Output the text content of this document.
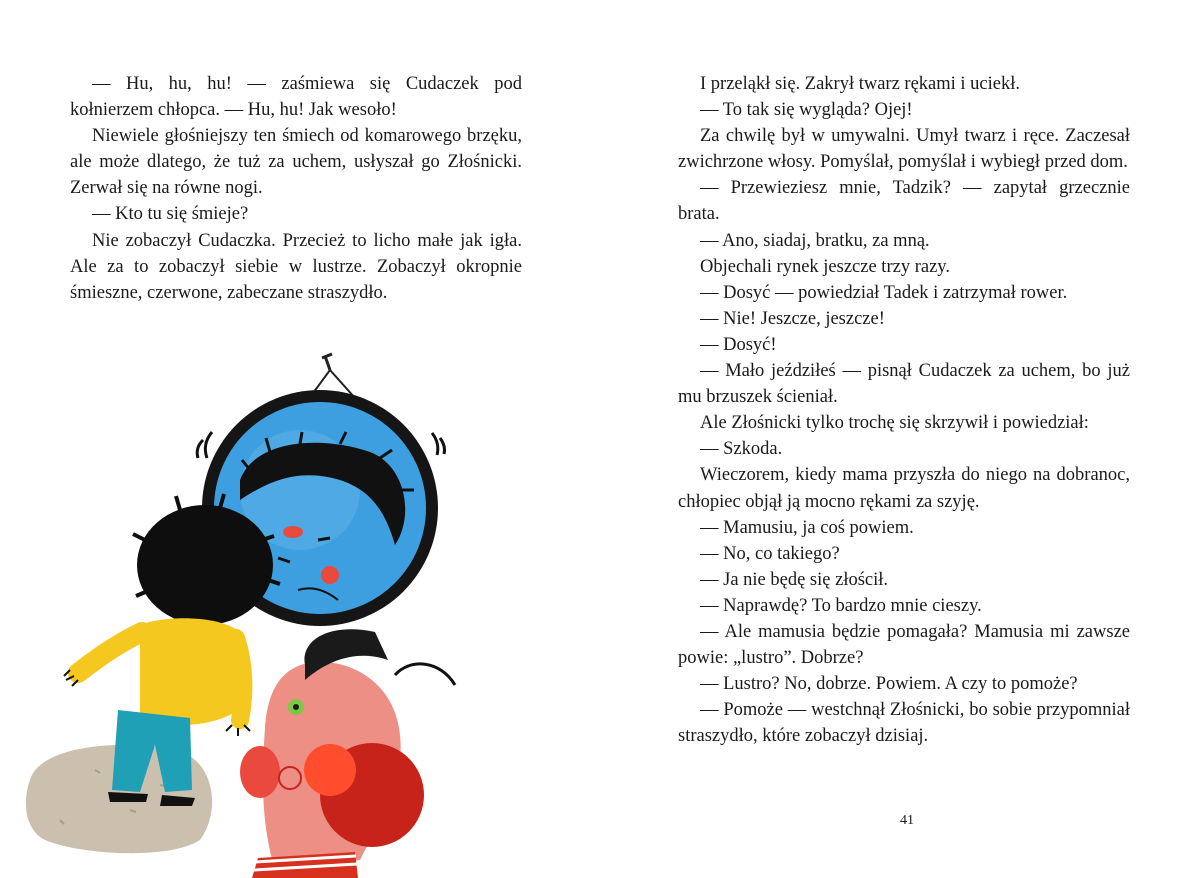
— Hu, hu, hu! — zaśmiewa się Cudaczek pod kołnierzem chłopca. — Hu, hu! Jak wesoło!

Niewiele głośniejszy ten śmiech od komarowego brzęku, ale może dlatego, że tuż za uchem, usłyszał go Złośnicki. Zerwał się na równe nogi.

— Kto tu się śmieje?

Nie zobaczył Cudaczka. Przecież to licho małe jak igła. Ale za to zobaczył siebie w lustrze. Zobaczył okropnie śmieszne, czerwone, zabeczane straszydło.

I przeląkł się. Zakrył twarz rękami i uciekł.

— To tak się wygląda? Ojej!

Za chwilę był w umywalni. Umył twarz i ręce. Zaczesał zwichrzone włosy. Pomyślał, pomyślał i wybiegł przed dom.

— Przewieziesz mnie, Tadzik? — zapytał grzecznie brata.

— Ano, siadaj, bratku, za mną.

Objechali rynek jeszcze trzy razy.

— Dosyć — powiedział Tadek i zatrzymał rower.

— Nie! Jeszcze, jeszcze!

— Dosyć!

— Mało jeździłeś — pisnął Cudaczek za uchem, bo już mu brzuszek ścieniał.

Ale Złośnicki tylko trochę się skrzywił i powiedział:

— Szkoda.

Wieczorem, kiedy mama przyszła do niego na dobranoc, chłopiec objął ją mocno rękami za szyję.

— Mamusiu, ja coś powiem.

— No, co takiego?

— Ja nie będę się złościł.

— Naprawdę? To bardzo mnie cieszy.

— Ale mamusia będzie pomagała? Mamusia mi zawsze powie: „lustro”. Dobrze?

— Lustro? No, dobrze. Powiem. A czy to pomoże?

— Pomoże — westchnął Złośnicki, bo sobie przypomniał straszydło, które zobaczył dzisiaj.

41
